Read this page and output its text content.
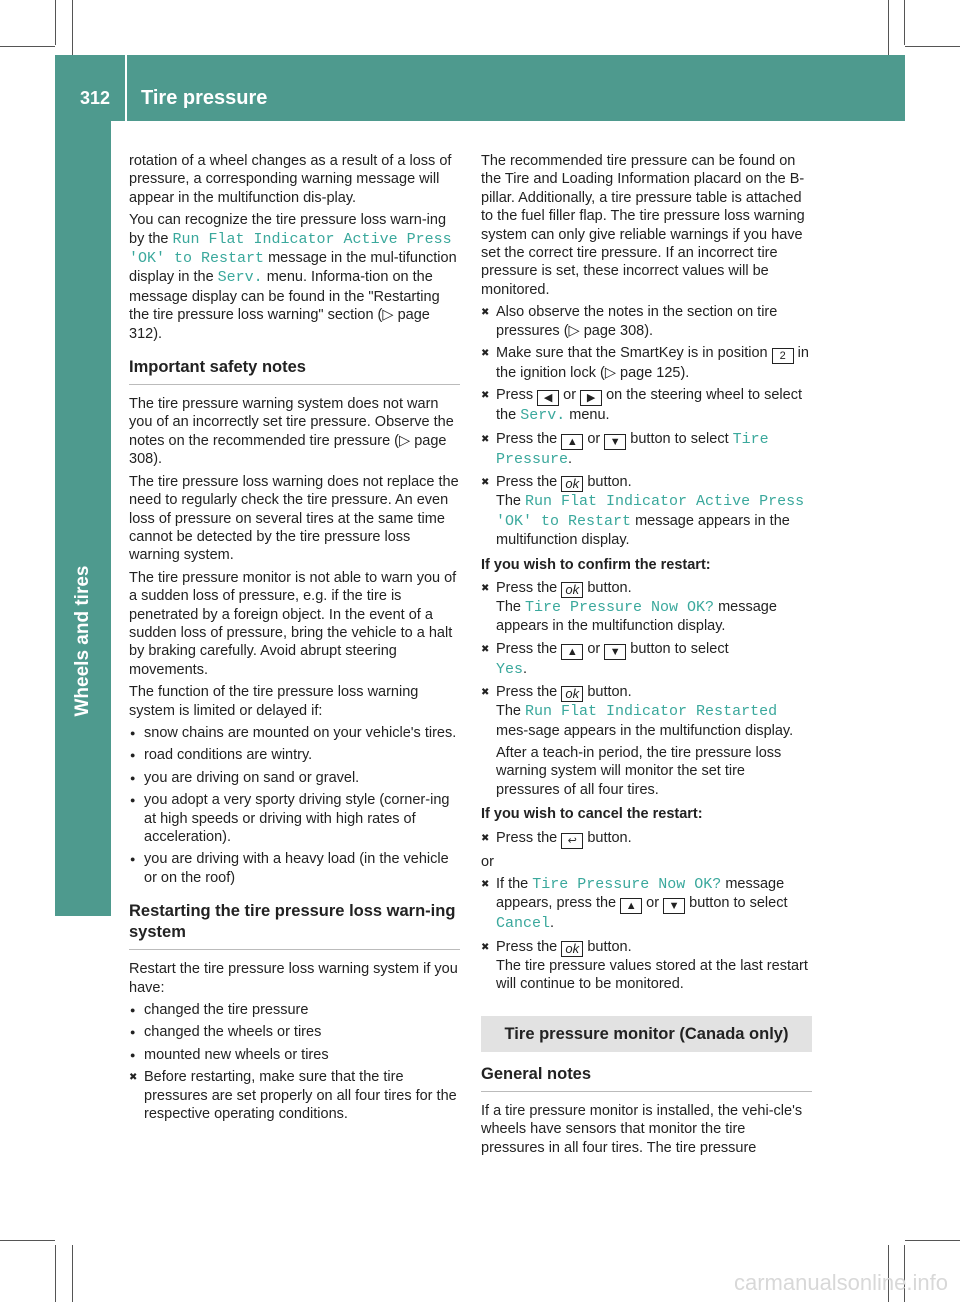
312 Tire pressure
Wheels and tires
rotation of a wheel changes as a result of a loss of pressure, a corresponding warning message will appear in the multifunction dis-play.
You can recognize the tire pressure loss warn-ing by the Run Flat Indicator Active Press 'OK' to Restart message in the mul-tifunction display in the Serv. menu. Informa-tion on the message display can be found in the "Restarting the tire pressure loss warning" section (▷ page 312).
Important safety notes
The tire pressure warning system does not warn you of an incorrectly set tire pressure. Observe the notes on the recommended tire pressure (▷ page 308).
The tire pressure loss warning does not replace the need to regularly check the tire pressure. An even loss of pressure on several tires at the same time cannot be detected by the tire pressure loss warning system.
The tire pressure monitor is not able to warn you of a sudden loss of pressure, e.g. if the tire is penetrated by a foreign object. In the event of a sudden loss of pressure, bring the vehicle to a halt by braking carefully. Avoid abrupt steering movements.
The function of the tire pressure loss warning system is limited or delayed if:
● snow chains are mounted on your vehicle's tires.
● road conditions are wintry.
● you are driving on sand or gravel.
● you adopt a very sporty driving style (corner-ing at high speeds or driving with high rates of acceleration).
● you are driving with a heavy load (in the vehicle or on the roof)
Restarting the tire pressure loss warn-ing system
Restart the tire pressure loss warning system if you have:
● changed the tire pressure
● changed the wheels or tires
● mounted new wheels or tires
✖ Before restarting, make sure that the tire pressures are set properly on all four tires for the respective operating conditions.
The recommended tire pressure can be found on the Tire and Loading Information placard on the B-pillar. Additionally, a tire pressure table is attached to the fuel filler flap. The tire pressure loss warning system can only give reliable warnings if you have set the correct tire pressure. If an incorrect tire pressure is set, these incorrect values will be monitored.
✖ Also observe the notes in the section on tire pressures (▷ page 308).
✖ Make sure that the SmartKey is in position 2 in the ignition lock (▷ page 125).
✖ Press ◀ or ▶ on the steering wheel to select the Serv. menu.
✖ Press the ▲ or ▼ button to select Tire Pressure.
✖ Press the ok button.
The Run Flat Indicator Active Press 'OK' to Restart message appears in the multifunction display.
If you wish to confirm the restart:
✖ Press the ok button.
The Tire Pressure Now OK? message appears in the multifunction display.
✖ Press the ▲ or ▼ button to select
Yes.
✖ Press the ok button.
The Run Flat Indicator Restarted mes-sage appears in the multifunction display.
After a teach-in period, the tire pressure loss warning system will monitor the set tire pressures of all four tires.
If you wish to cancel the restart:
✖ Press the ↩ button.
or
✖ If the Tire Pressure Now OK? message appears, press the ▲ or ▼ button to select Cancel.
✖ Press the ok button.
The tire pressure values stored at the last restart will continue to be monitored.
Tire pressure monitor (Canada only)
General notes
If a tire pressure monitor is installed, the vehi-cle's wheels have sensors that monitor the tire pressures in all four tires. The tire pressure
carmanualsonline.info
